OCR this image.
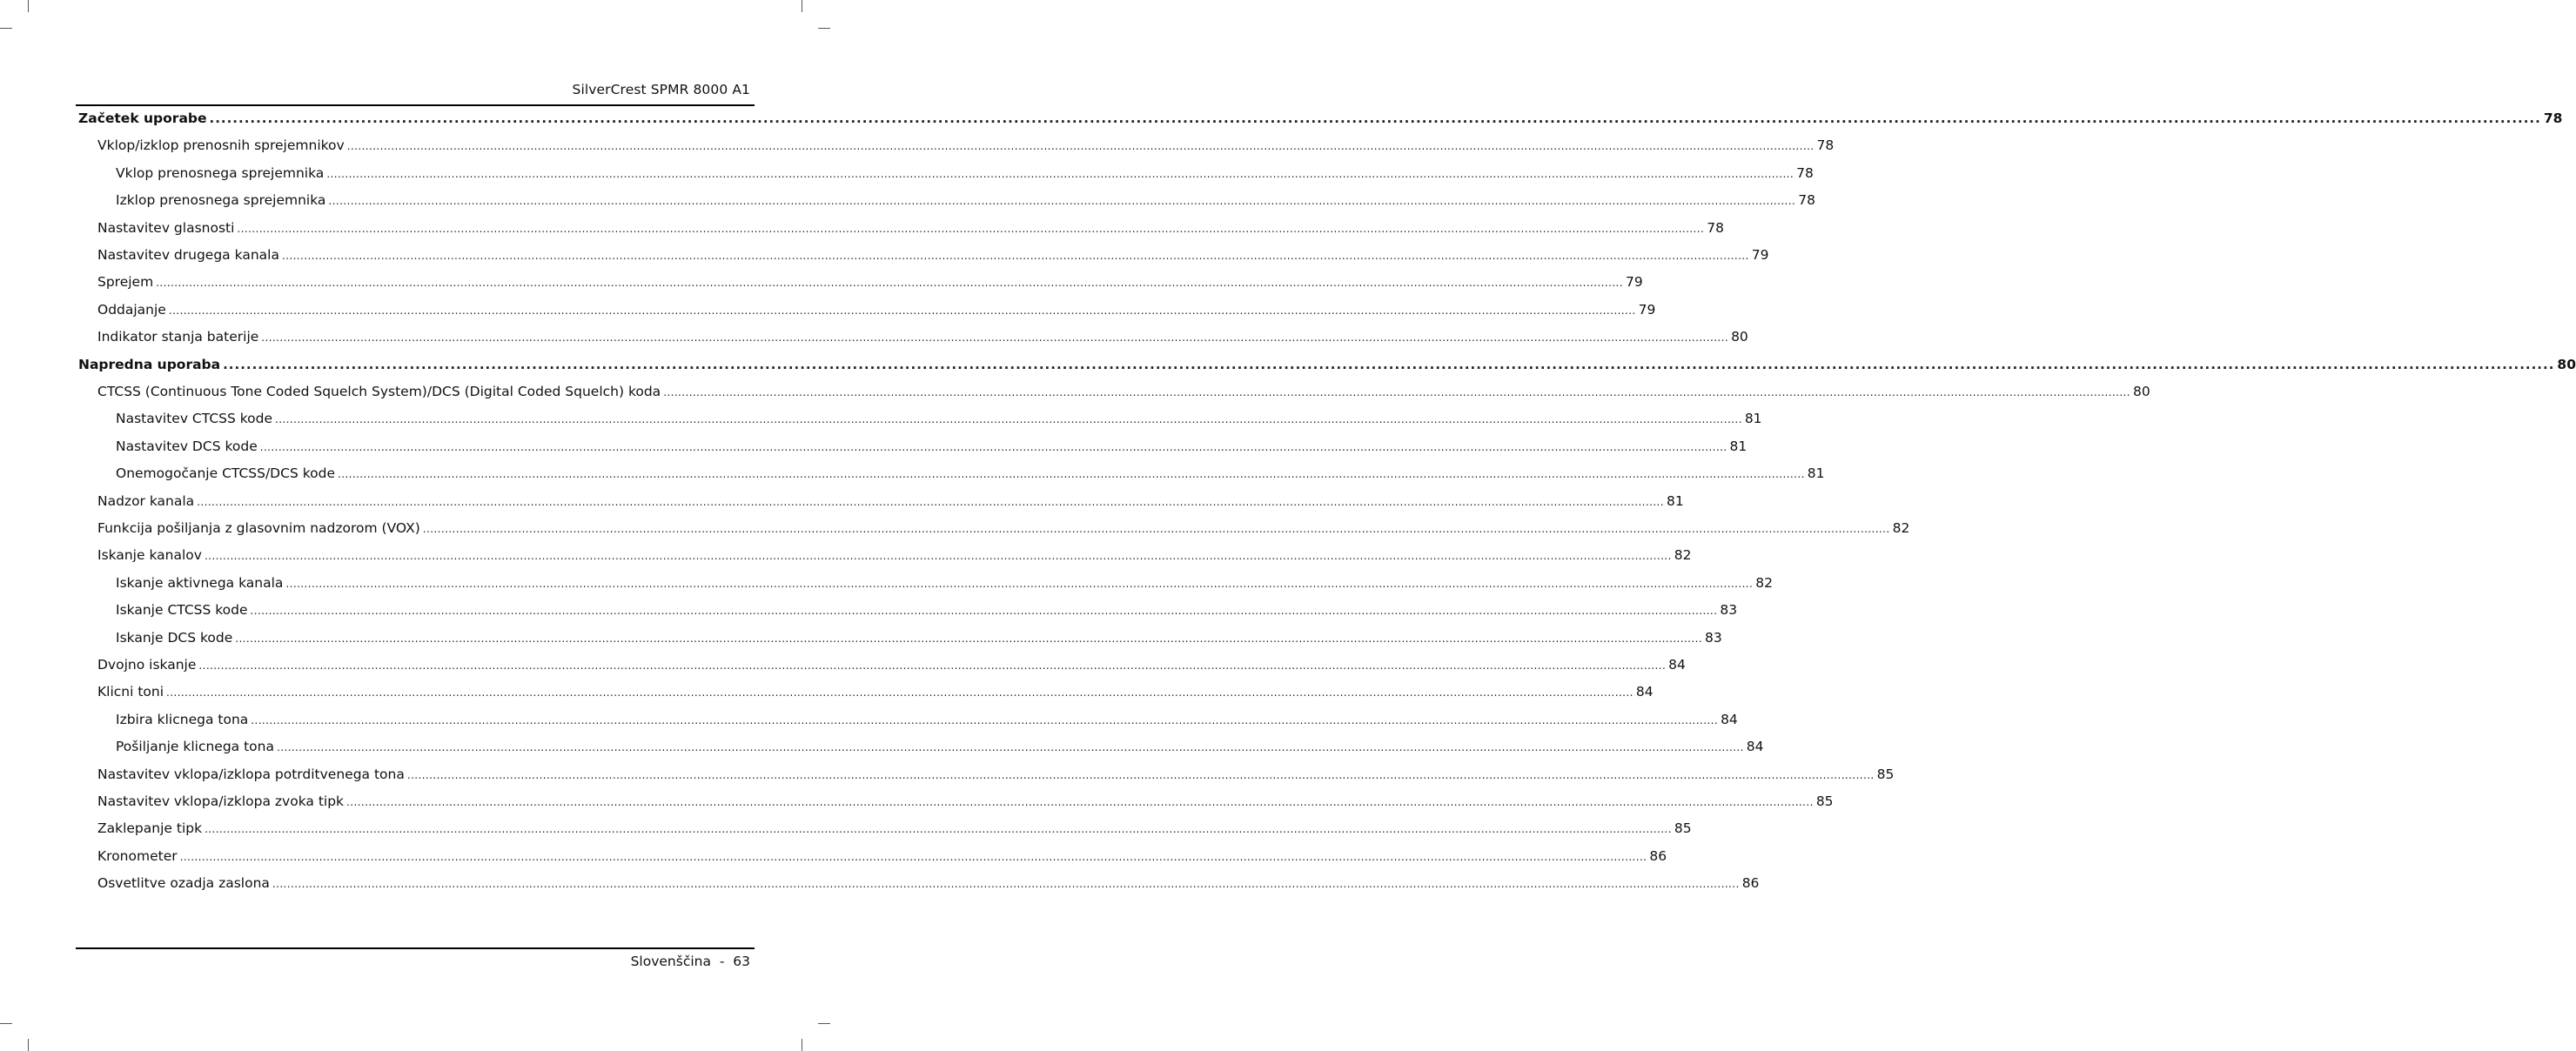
SilverCrest SPMR 8000 A1
Začetek uporabe ................................................................................................................................................................................................................................................................................................................................................................................................................ 78
Vklop/izklop prenosnih sprejemnikov ................................................................................................................................................................................................................................................................................................................................................................................................................ 78
Vklop prenosnega sprejemnika ................................................................................................................................................................................................................................................................................................................................................................................................................ 78
Izklop prenosnega sprejemnika ................................................................................................................................................................................................................................................................................................................................................................................................................ 78
Nastavitev glasnosti ................................................................................................................................................................................................................................................................................................................................................................................................................ 78
Nastavitev drugega kanala ................................................................................................................................................................................................................................................................................................................................................................................................................ 79
Sprejem ................................................................................................................................................................................................................................................................................................................................................................................................................ 79
Oddajanje ................................................................................................................................................................................................................................................................................................................................................................................................................ 79
Indikator stanja baterije ................................................................................................................................................................................................................................................................................................................................................................................................................ 80
Napredna uporaba ................................................................................................................................................................................................................................................................................................................................................................................................................ 80
CTCSS (Continuous Tone Coded Squelch System)/DCS (Digital Coded Squelch) koda ................................................................................................................................................................................................................................................................................................................................................................................................................ 80
Nastavitev CTCSS kode ................................................................................................................................................................................................................................................................................................................................................................................................................ 81
Nastavitev DCS kode ................................................................................................................................................................................................................................................................................................................................................................................................................ 81
Onemogočanje CTCSS/DCS kode ................................................................................................................................................................................................................................................................................................................................................................................................................ 81
Nadzor kanala ................................................................................................................................................................................................................................................................................................................................................................................................................ 81
Funkcija pošiljanja z glasovnim nadzorom (VOX) ................................................................................................................................................................................................................................................................................................................................................................................................................ 82
Iskanje kanalov ................................................................................................................................................................................................................................................................................................................................................................................................................ 82
Iskanje aktivnega kanala ................................................................................................................................................................................................................................................................................................................................................................................................................ 82
Iskanje CTCSS kode ................................................................................................................................................................................................................................................................................................................................................................................................................ 83
Iskanje DCS kode ................................................................................................................................................................................................................................................................................................................................................................................................................ 83
Dvojno iskanje ................................................................................................................................................................................................................................................................................................................................................................................................................ 84
Klicni toni ................................................................................................................................................................................................................................................................................................................................................................................................................ 84
Izbira klicnega tona ................................................................................................................................................................................................................................................................................................................................................................................................................ 84
Pošiljanje klicnega tona ................................................................................................................................................................................................................................................................................................................................................................................................................ 84
Nastavitev vklopa/izklopa potrditvenega tona ................................................................................................................................................................................................................................................................................................................................................................................................................ 85
Nastavitev vklopa/izklopa zvoka tipk ................................................................................................................................................................................................................................................................................................................................................................................................................ 85
Zaklepanje tipk ................................................................................................................................................................................................................................................................................................................................................................................................................ 85
Kronometer ................................................................................................................................................................................................................................................................................................................................................................................................................ 86
Osvetlitve ozadja zaslona ................................................................................................................................................................................................................................................................................................................................................................................................................ 86
Slovenščina  -  63
